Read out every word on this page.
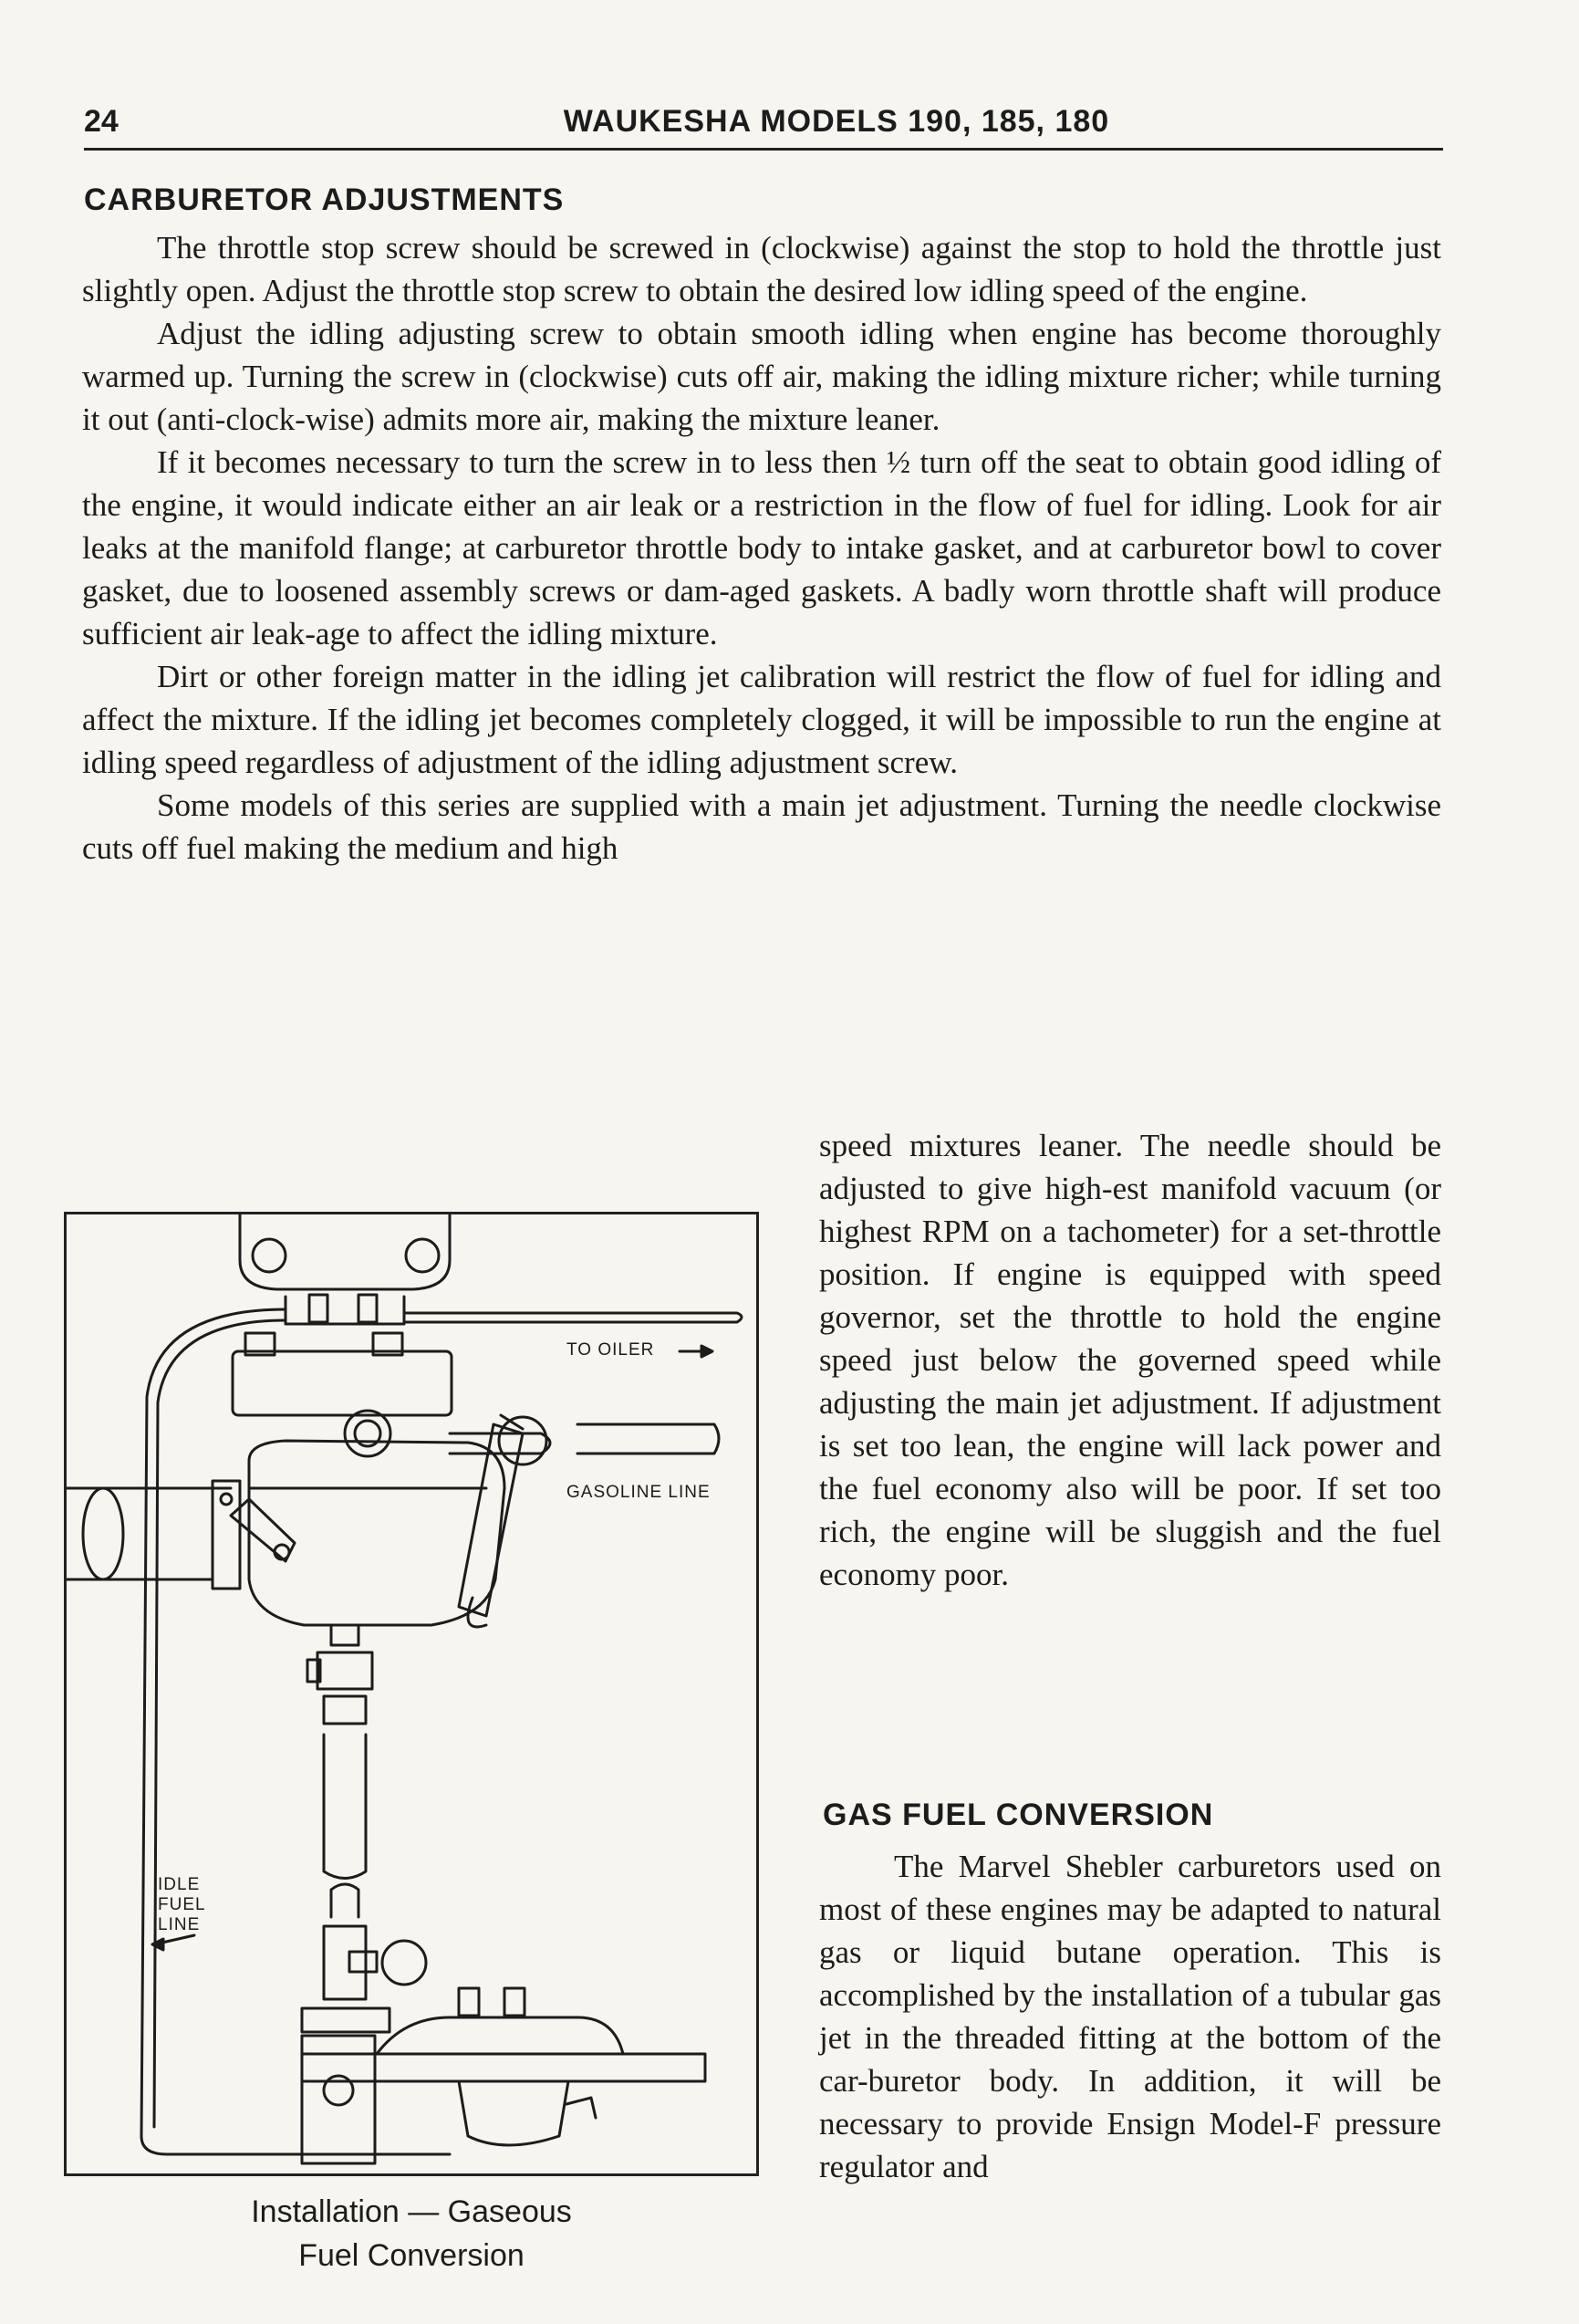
24	WAUKESHA MODELS 190, 185, 180
CARBURETOR ADJUSTMENTS

The throttle stop screw should be screwed in (clockwise) against the stop to hold the throttle just slightly open. Adjust the throttle stop screw to obtain the desired low idling speed of the engine.

Adjust the idling adjusting screw to obtain smooth idling when engine has become thoroughly warmed up. Turning the screw in (clockwise) cuts off air, making the idling mixture richer; while turning it out (anti-clock-wise) admits more air, making the mixture leaner.

If it becomes necessary to turn the screw in to less then ½ turn off the seat to obtain good idling of the engine, it would indicate either an air leak or a restriction in the flow of fuel for idling. Look for air leaks at the manifold flange; at carburetor throttle body to intake gasket, and at carburetor bowl to cover gasket, due to loosened assembly screws or dam-aged gaskets. A badly worn throttle shaft will produce sufficient air leak-age to affect the idling mixture.

Dirt or other foreign matter in the idling jet calibration will restrict the flow of fuel for idling and affect the mixture. If the idling jet becomes completely clogged, it will be impossible to run the engine at idling speed regardless of adjustment of the idling adjustment screw.

Some models of this series are supplied with a main jet adjustment. Turning the needle clockwise cuts off fuel making the medium and high

speed mixtures leaner. The needle should be adjusted to give high-est manifold vacuum (or highest RPM on a tachometer) for a set-throttle position. If engine is equipped with speed governor, set the throttle to hold the engine speed just below the governed speed while adjusting the main jet adjustment. If adjustment is set too lean, the engine will lack power and the fuel economy also will be poor. If set too rich, the engine will be sluggish and the fuel economy poor.

GAS FUEL CONVERSION

The Marvel Shebler carburetors used on most of these engines may be adapted to natural gas or liquid butane operation. This is accomplished by the installation of a tubular gas jet in the threaded fitting at the bottom of the car-buretor body. In addition, it will be necessary to provide Ensign Model-F pressure regulator and

TO OILER
GASOLINE LINE
IDLE
FUEL
LINE
Installation — Gaseous
Fuel Conversion
